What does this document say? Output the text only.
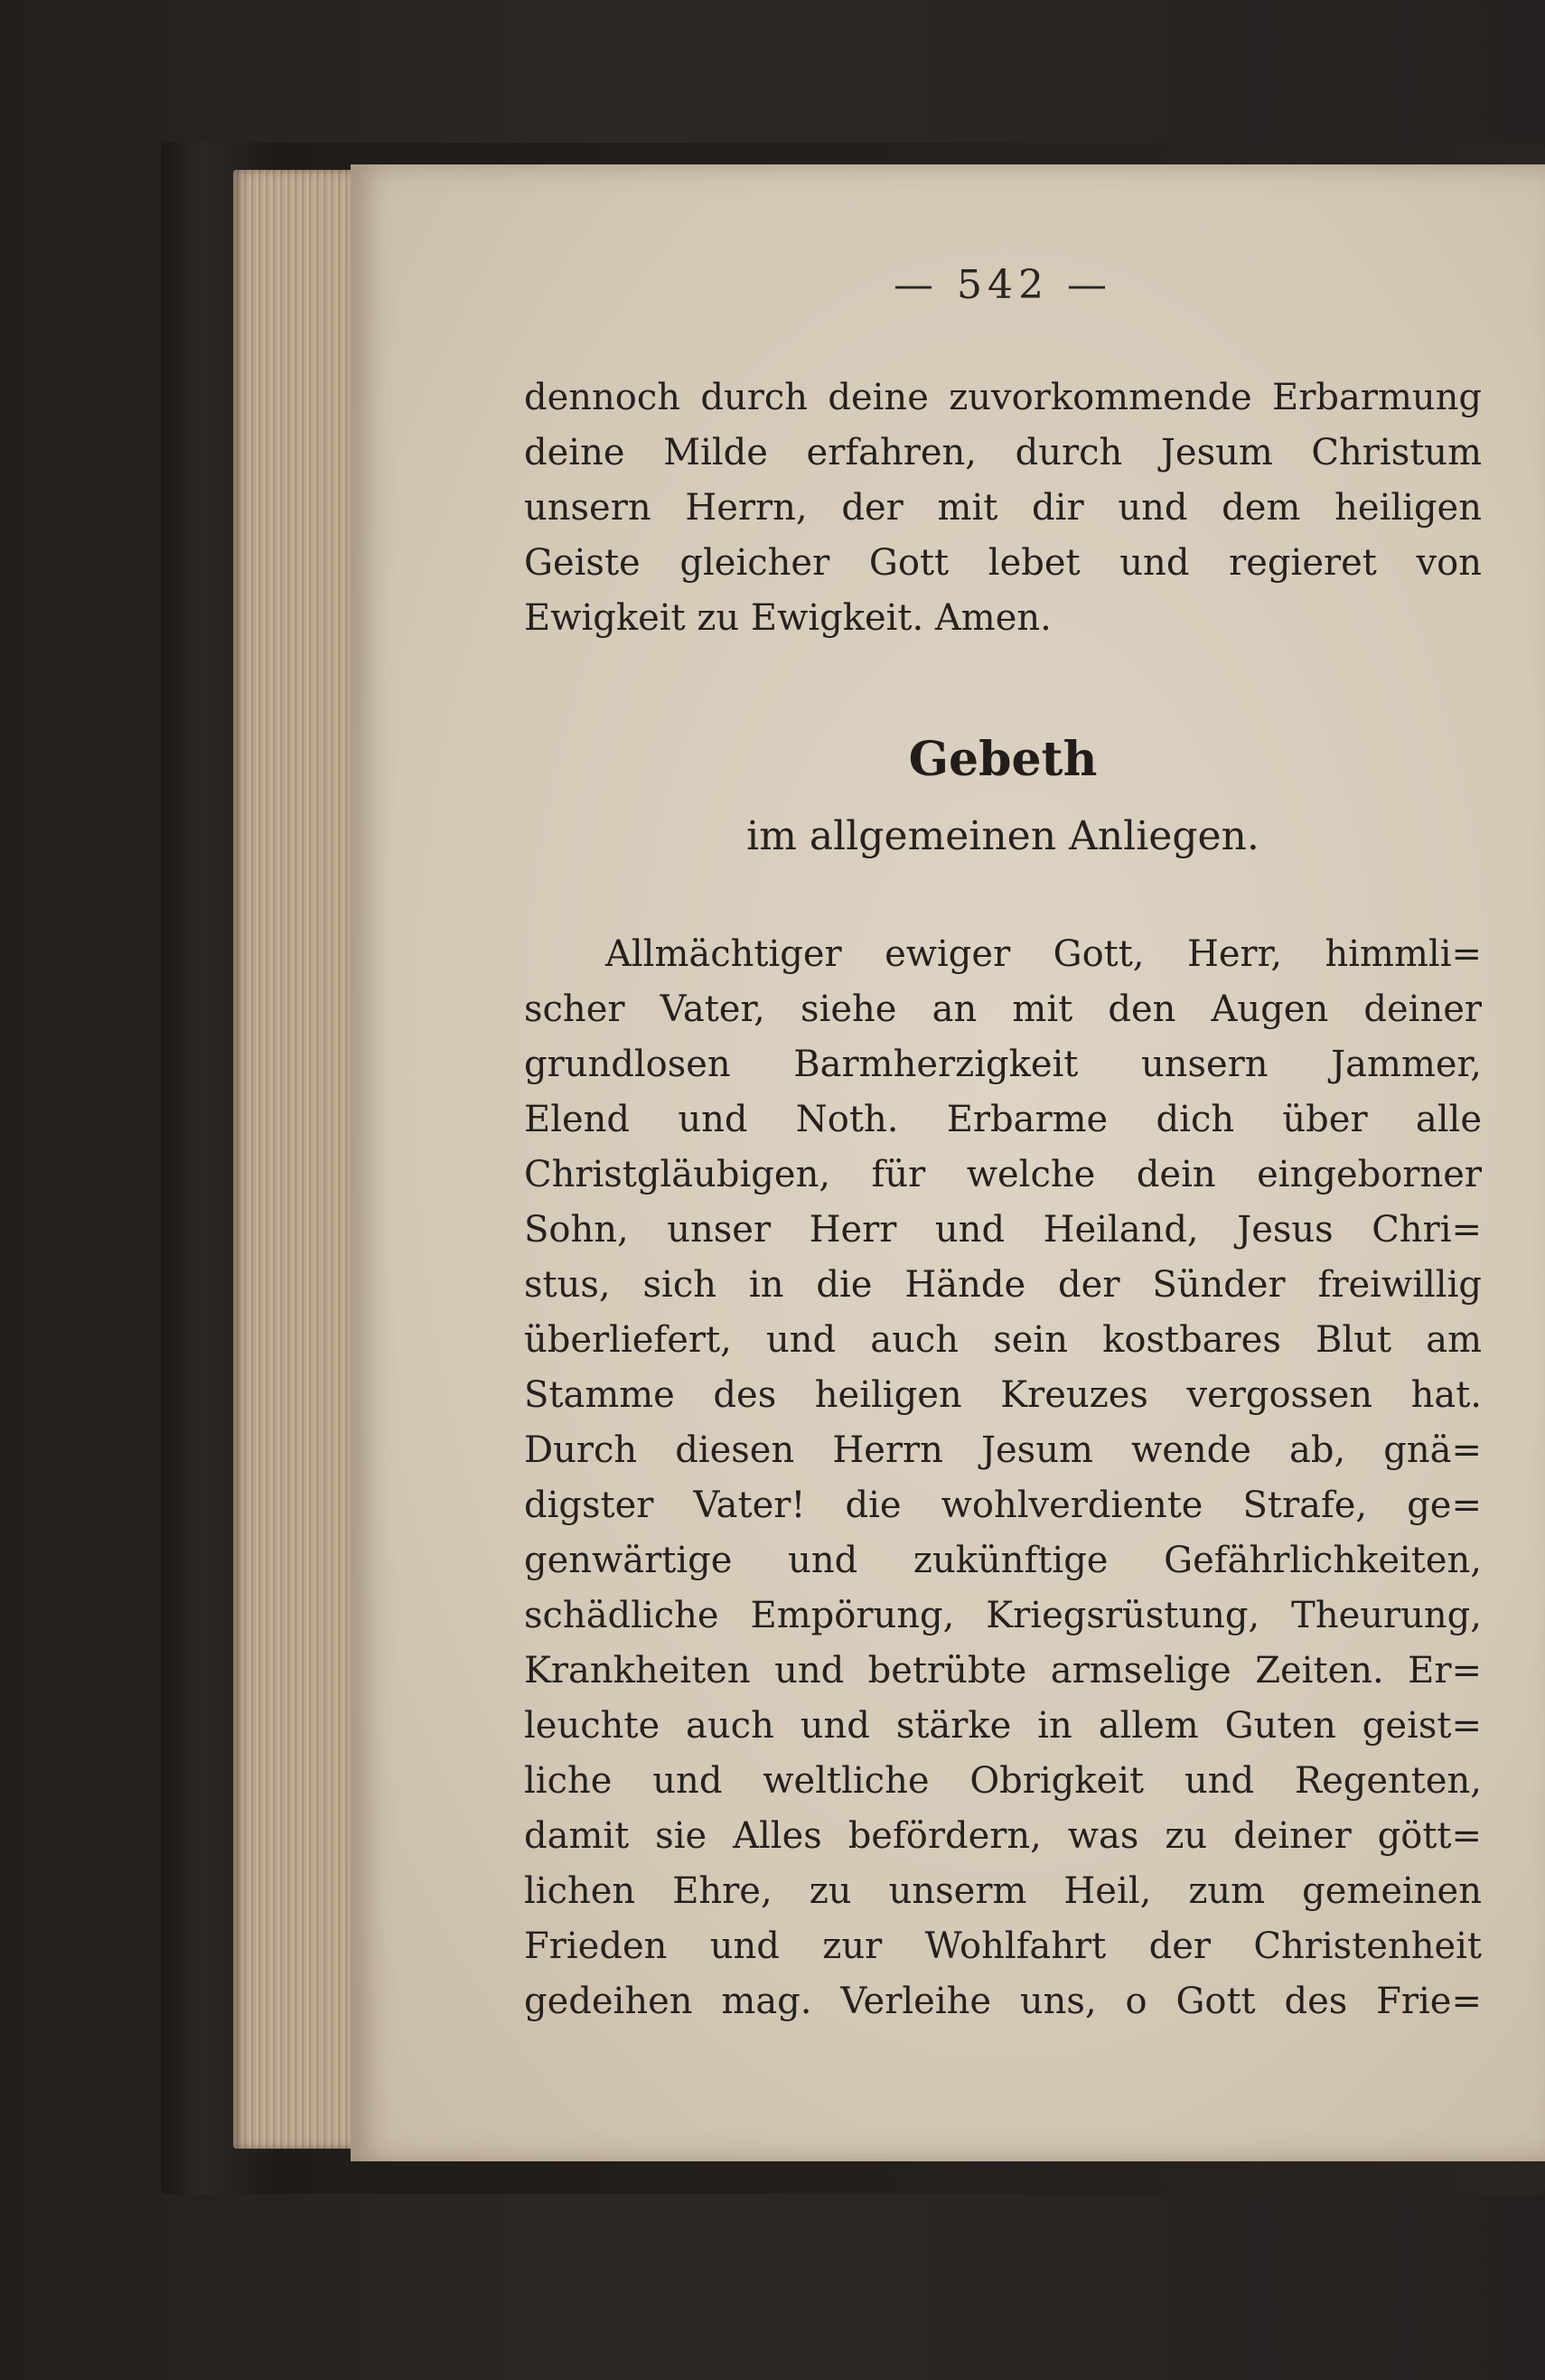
— 542 —
dennoch durch deine zuvorkommende Erbarmung
deine Milde erfahren, durch Jesum Christum
unsern Herrn, der mit dir und dem heiligen
Geiste gleicher Gott lebet und regieret von
Ewigkeit zu Ewigkeit. Amen.
Gebeth
im allgemeinen Anliegen.
Allmächtiger ewiger Gott, Herr, himmli=
scher Vater, siehe an mit den Augen deiner
grundlosen Barmherzigkeit unsern Jammer,
Elend und Noth. Erbarme dich über alle
Christgläubigen, für welche dein eingeborner
Sohn, unser Herr und Heiland, Jesus Chri=
stus, sich in die Hände der Sünder freiwillig
überliefert, und auch sein kostbares Blut am
Stamme des heiligen Kreuzes vergossen hat.
Durch diesen Herrn Jesum wende ab, gnä=
digster Vater! die wohlverdiente Strafe, ge=
genwärtige und zukünftige Gefährlichkeiten,
schädliche Empörung, Kriegsrüstung, Theurung,
Krankheiten und betrübte armselige Zeiten. Er=
leuchte auch und stärke in allem Guten geist=
liche und weltliche Obrigkeit und Regenten,
damit sie Alles befördern, was zu deiner gött=
lichen Ehre, zu unserm Heil, zum gemeinen
Frieden und zur Wohlfahrt der Christenheit
gedeihen mag. Verleihe uns, o Gott des Frie=
